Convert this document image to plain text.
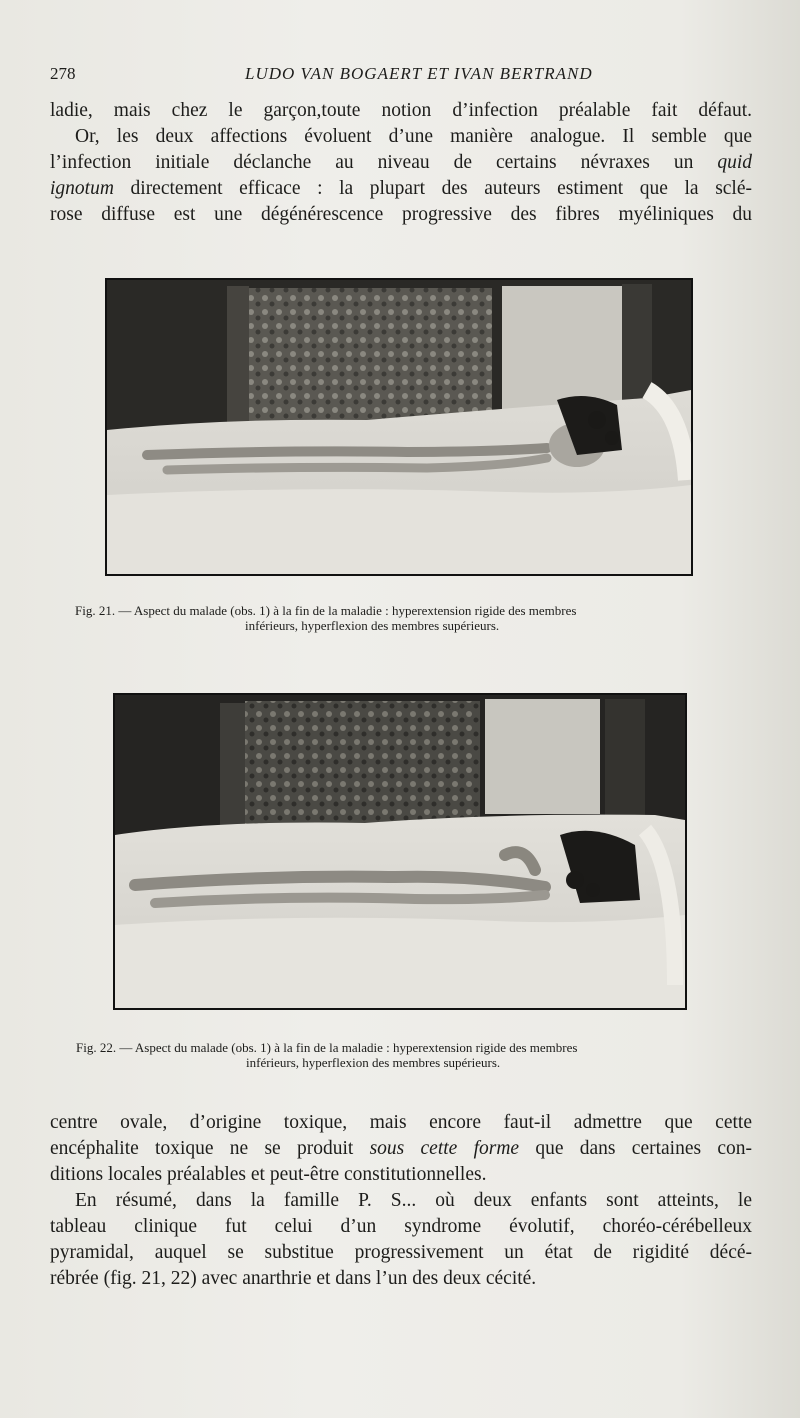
278	LUDO VAN BOGAERT ET IVAN BERTRAND
ladie, mais chez le garçon,toute notion d’infection préalable fait défaut.
Or, les deux affections évoluent d’une manière analogue. Il semble que
l’infection initiale déclanche au niveau de certains névraxes un quid
ignotum directement efficace : la plupart des auteurs estiment que la sclé-
rose diffuse est une dégénérescence progressive des fibres myéliniques du
Fig. 21. — Aspect du malade (obs. 1) à la fin de la maladie : hyperextension rigide des membres
inférieurs, hyperflexion des membres supérieurs.
Fig. 22. — Aspect du malade (obs. 1) à la fin de la maladie : hyperextension rigide des membres
inférieurs, hyperflexion des membres supérieurs.
centre ovale, d’origine toxique, mais encore faut-il admettre que cette
encéphalite toxique ne se produit sous cette forme que dans certaines con-
ditions locales préalables et peut-être constitutionnelles.
En résumé, dans la famille P. S... où deux enfants sont atteints, le
tableau clinique fut celui d’un syndrome évolutif, choréo-cérébelleux
pyramidal, auquel se substitue progressivement un état de rigidité décé-
rébrée (fig. 21, 22) avec anarthrie et dans l’un des deux cécité.
